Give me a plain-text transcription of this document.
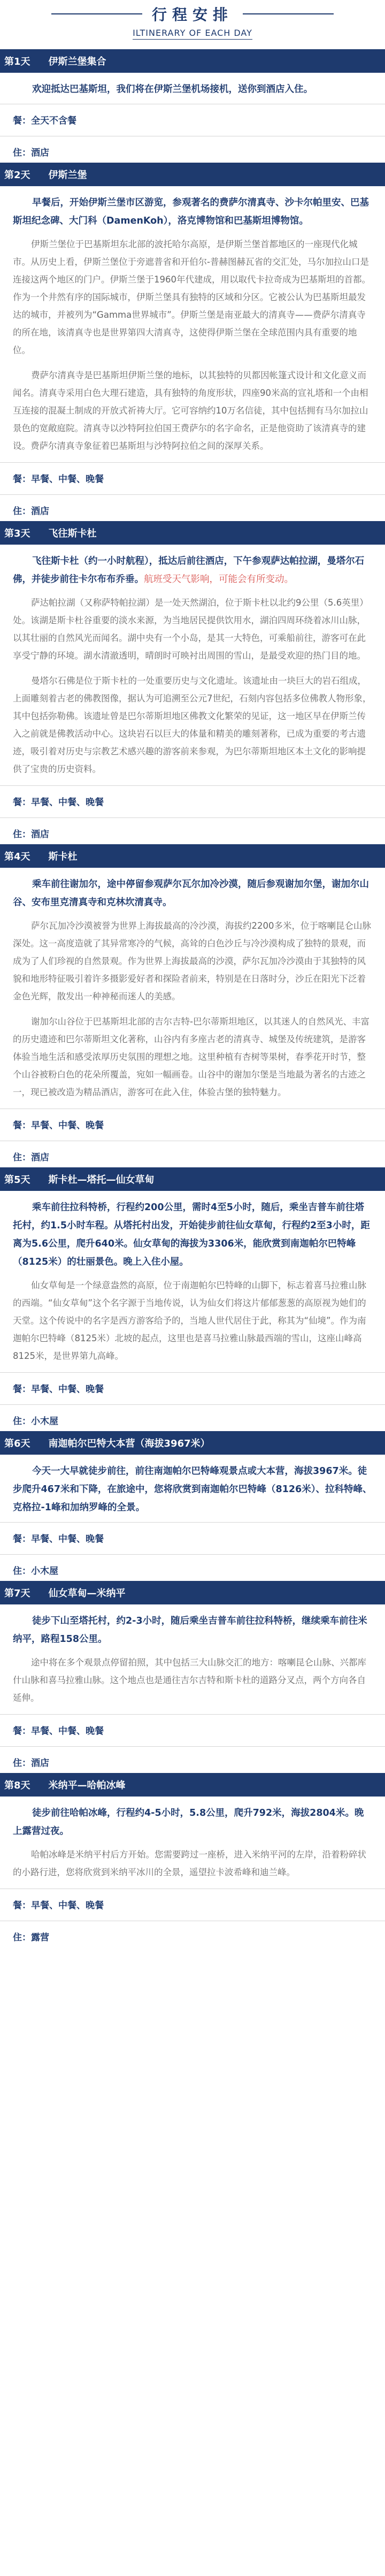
行程安排
ILTINERARY OF EACH DAY
第1天 伊斯兰堡集合
欢迎抵达巴基斯坦，我们将在伊斯兰堡机场接机，送你到酒店入住。
餐：全天不含餐
住：酒店
第2天 伊斯兰堡
早餐后，开始伊斯兰堡市区游览，参观著名的费萨尔清真寺、沙卡尔帕里安、巴基斯坦纪念碑、大门科（DamenKoh），洛克博物馆和巴基斯坦博物馆。
伊斯兰堡位于巴基斯坦东北部的波托哈尔高原，是伊斯兰堡首都地区的一座现代化城市。从历史上看，伊斯兰堡位于旁遮普省和开伯尔-普赫图赫瓦省的交汇处，马尔加拉山口是连接这两个地区的门户。伊斯兰堡于1960年代建成，用以取代卡拉奇成为巴基斯坦的首都。作为一个井然有序的国际城市，伊斯兰堡具有独特的区域和分区。它被公认为巴基斯坦最发达的城市，并被列为“Gamma世界城市”。伊斯兰堡是南亚最大的清真寺——费萨尔清真寺的所在地，该清真寺也是世界第四大清真寺，这使得伊斯兰堡在全球范围内具有重要的地位。
费萨尔清真寺是巴基斯坦伊斯兰堡的地标，以其独特的贝都因帐篷式设计和文化意义而闻名。清真寺采用白色大理石建造，具有独特的角度形状，四座90米高的宣礼塔和一个由相互连接的混凝土制成的开放式祈祷大厅。它可容纳约10万名信徒，其中包括拥有马尔加拉山景色的宽敞庭院。清真寺以沙特阿拉伯国王费萨尔的名字命名，正是他资助了该清真寺的建设。费萨尔清真寺象征着巴基斯坦与沙特阿拉伯之间的深厚关系。
餐：早餐、中餐、晚餐
住：酒店
第3天 飞往斯卡杜
飞往斯卡杜（约一小时航程），抵达后前往酒店，下午参观萨达帕拉湖，曼塔尔石佛，并徒步前往卡尔布布乔垂。航班受天气影响，可能会有所变动。
萨达帕拉湖（又称萨特帕拉湖）是一处天然湖泊，位于斯卡杜以北约9公里（5.6英里）处。该湖是斯卡杜谷重要的淡水来源，为当地居民提供饮用水，湖泊四周环绕着冰川山脉，以其壮丽的自然风光而闻名。湖中央有一个小岛，是其一大特色，可乘船前往，游客可在此享受宁静的环境。湖水清澈透明，晴朗时可映衬出周围的雪山，是最受欢迎的热门目的地。
曼塔尔石佛是位于斯卡杜的一处重要历史与文化遗址。该遗址由一块巨大的岩石组成，上面雕刻着古老的佛教图像，据认为可追溯至公元7世纪，石刻内容包括多位佛教人物形象，其中包括弥勒佛。该遗址曾是巴尔蒂斯坦地区佛教文化繁荣的见证，这一地区早在伊斯兰传入之前就是佛教活动中心。这块岩石以巨大的体量和精美的雕刻著称，已成为重要的考古遗迹，吸引着对历史与宗教艺术感兴趣的游客前来参观，为巴尔蒂斯坦地区本土文化的影响提供了宝贵的历史资料。
餐：早餐、中餐、晚餐
住：酒店
第4天 斯卡杜
乘车前往谢加尔，途中停留参观萨尔瓦尔加冷沙漠，随后参观谢加尔堡，谢加尔山谷、安布里克清真寺和克林坎清真寺。
萨尔瓦加冷沙漠被誉为世界上海拔最高的冷沙漠，海拔约2200多米，位于喀喇昆仑山脉深处。这一高度造就了其异常寒冷的气候，高耸的白色沙丘与冷沙漠构成了独特的景观，而成为了人们珍视的自然景观。作为世界上海拔最高的沙漠，萨尔瓦加冷沙漠由于其独特的风貌和地形特征吸引着许多摄影爱好者和探险者前来，特别是在日落时分，沙丘在阳光下泛着金色光辉，散发出一种神秘而迷人的美感。
谢加尔山谷位于巴基斯坦北部的吉尔吉特-巴尔蒂斯坦地区，以其迷人的自然风光、丰富的历史遗迹和巴尔蒂斯坦文化著称，山谷内有多座古老的清真寺、城堡及传统建筑，是游客体验当地生活和感受浓厚历史氛围的理想之地。这里种植有杏树等果树，春季花开时节，整个山谷被粉白色的花朵所覆盖，宛如一幅画卷。山谷中的谢加尔堡是当地最为著名的古迹之一，现已被改造为精品酒店，游客可在此入住，体验古堡的独特魅力。
餐：早餐、中餐、晚餐
住：酒店
第5天 斯卡杜—塔托—仙女草甸
乘车前往拉科特桥，行程约200公里，需时4至5小时，随后，乘坐吉普车前往塔托村，约1.5小时车程。从塔托村出发，开始徒步前往仙女草甸，行程约2至3小时，距离为5.6公里，爬升640米。仙女草甸的海拔为3306米，能欣赏到南迦帕尔巴特峰（8125米）的壮丽景色。晚上入住小屋。
仙女草甸是一个绿意盎然的高原，位于南迦帕尔巴特峰的山脚下，标志着喜马拉雅山脉的西端。“仙女草甸”这个名字源于当地传说，认为仙女们将这片郁郁葱葱的高原视为她们的天堂。这个传说中的名字是西方游客给予的，当地人世代居住于此，称其为“仙境”。作为南迦帕尔巴特峰（8125米）北坡的起点，这里也是喜马拉雅山脉最西端的雪山，这座山峰高8125米，是世界第九高峰。
餐：早餐、中餐、晚餐
住：小木屋
第6天 南迦帕尔巴特大本营（海拔3967米）
今天一大早就徒步前往，前往南迦帕尔巴特峰观景点或大本营，海拔3967米。徒步爬升467米和下降，在旅途中，您将欣赏到南迦帕尔巴特峰（8126米）、拉科特峰、克格拉-1峰和加纳罗峰的全景。
餐：早餐、中餐、晚餐
住：小木屋
第7天 仙女草甸—米纳平
徒步下山至塔托村，约2-3小时，随后乘坐吉普车前往拉科特桥，继续乘车前往米纳平，路程158公里。
途中将在多个观景点停留拍照，其中包括三大山脉交汇的地方：喀喇昆仑山脉、兴都库什山脉和喜马拉雅山脉。这个地点也是通往吉尔吉特和斯卡杜的道路分叉点，两个方向各自延伸。
餐：早餐、中餐、晚餐
住：酒店
第8天 米纳平—哈帕冰峰
徒步前往哈帕冰峰，行程约4-5小时，5.8公里，爬升792米，海拔2804米。晚上露营过夜。
哈帕冰峰是米纳平村后方开始。您需要跨过一座桥，进入米纳平河的左岸，沿着粉碎状的小路行进，您将欣赏到米纳平冰川的全景，遥望拉卡波希峰和迪兰峰。
餐：早餐、中餐、晚餐
住：露营
